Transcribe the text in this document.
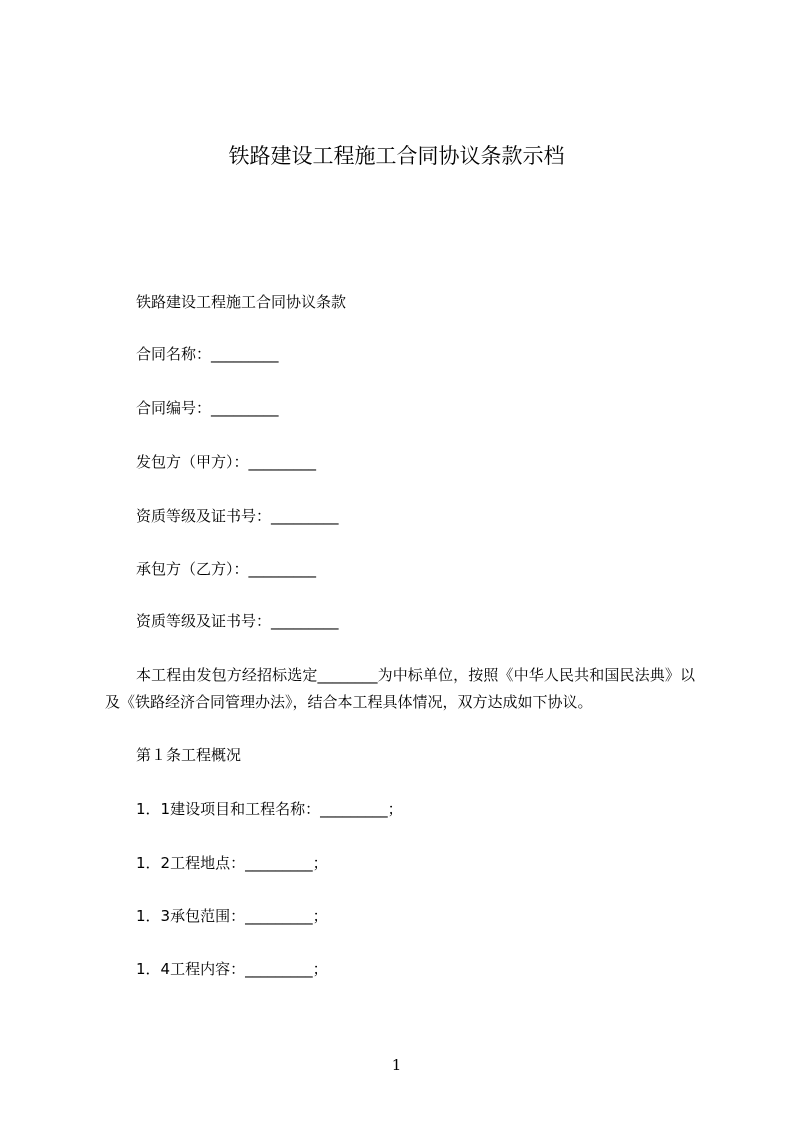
铁路建设工程施工合同协议条款示档

铁路建设工程施工合同协议条款

合同名称：_________

合同编号：_________

发包方（甲方）：_________

资质等级及证书号：_________

承包方（乙方）：_________

资质等级及证书号：_________

本工程由发包方经招标选定________为中标单位，按照《中华人民共和国民法典》以及《铁路经济合同管理办法》，结合本工程具体情况，双方达成如下协议。

第１条工程概况

1．1建设项目和工程名称：_________；

1．2工程地点：_________；

1．3承包范围：_________；

1．4工程内容：_________；

1
